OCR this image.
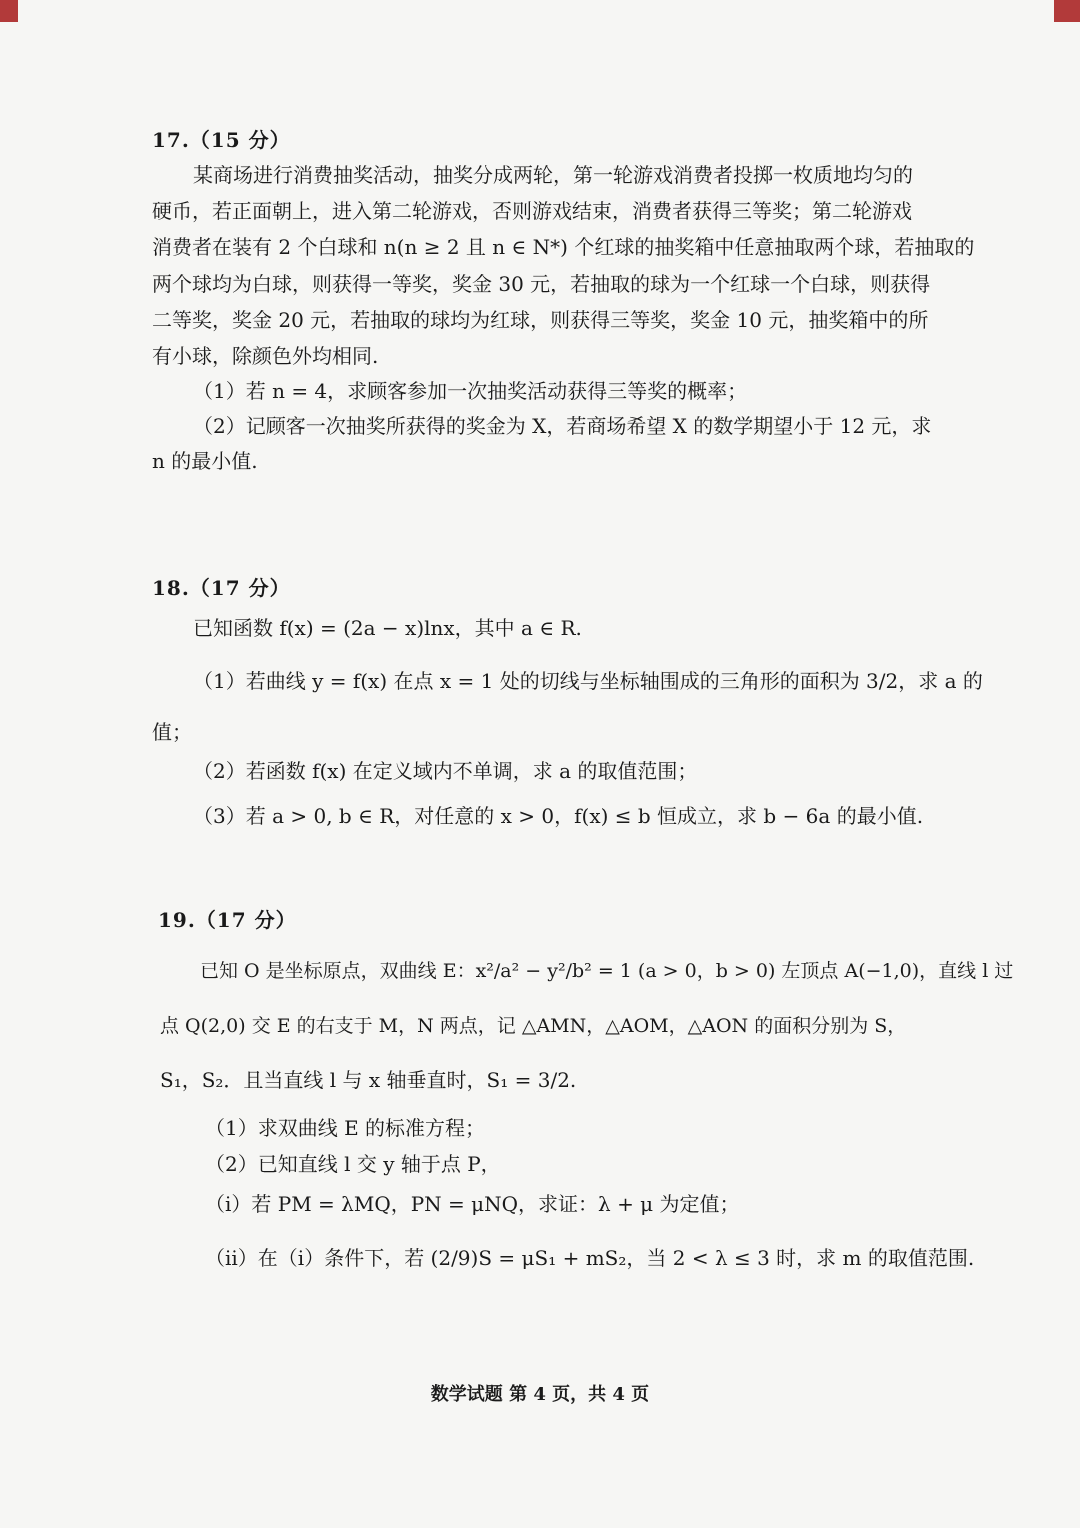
17.（15 分）
某商场进行消费抽奖活动，抽奖分成两轮，第一轮游戏消费者投掷一枚质地均匀的
硬币，若正面朝上，进入第二轮游戏，否则游戏结束，消费者获得三等奖；第二轮游戏
消费者在装有 2 个白球和 n(n ≥ 2 且 n ∈ N*) 个红球的抽奖箱中任意抽取两个球，若抽取的
两个球均为白球，则获得一等奖，奖金 30 元，若抽取的球为一个红球一个白球，则获得
二等奖，奖金 20 元，若抽取的球均为红球，则获得三等奖，奖金 10 元，抽奖箱中的所
有小球，除颜色外均相同.
（1）若 n = 4，求顾客参加一次抽奖活动获得三等奖的概率；
（2）记顾客一次抽奖所获得的奖金为 X，若商场希望 X 的数学期望小于 12 元，求
n 的最小值.
18.（17 分）
已知函数 f(x) = (2a − x)lnx，其中 a ∈ R.
（1）若曲线 y = f(x) 在点 x = 1 处的切线与坐标轴围成的三角形的面积为 3/2，求 a 的
值；
（2）若函数 f(x) 在定义域内不单调，求 a 的取值范围；
（3）若 a > 0, b ∈ R，对任意的 x > 0，f(x) ≤ b 恒成立，求 b − 6a 的最小值.
19.（17 分）
已知 O 是坐标原点，双曲线 E：x²/a² − y²/b² = 1 (a > 0，b > 0) 左顶点 A(−1,0)，直线 l 过
点 Q(2,0) 交 E 的右支于 M，N 两点，记 △AMN，△AOM，△AON 的面积分别为 S，
S₁，S₂．且当直线 l 与 x 轴垂直时，S₁ = 3/2.
（1）求双曲线 E 的标准方程；
（2）已知直线 l 交 y 轴于点 P，
（i）若 PM = λMQ，PN = μNQ，求证：λ + μ 为定值；
（ii）在（i）条件下，若 (2/9)S = μS₁ + mS₂，当 2 < λ ≤ 3 时，求 m 的取值范围.
数学试题 第 4 页，共 4 页
